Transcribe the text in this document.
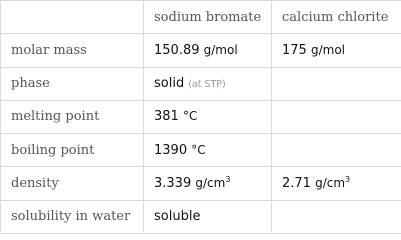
	sodium bromate	calcium chlorite
molar mass	150.89 g/mol	175 g/mol
phase	solid (at STP)	
melting point	381 °C	
boiling point	1390 °C	
density	3.339 $g/cm^3$	2.71 $g/cm^3$
solubility in water	soluble	
